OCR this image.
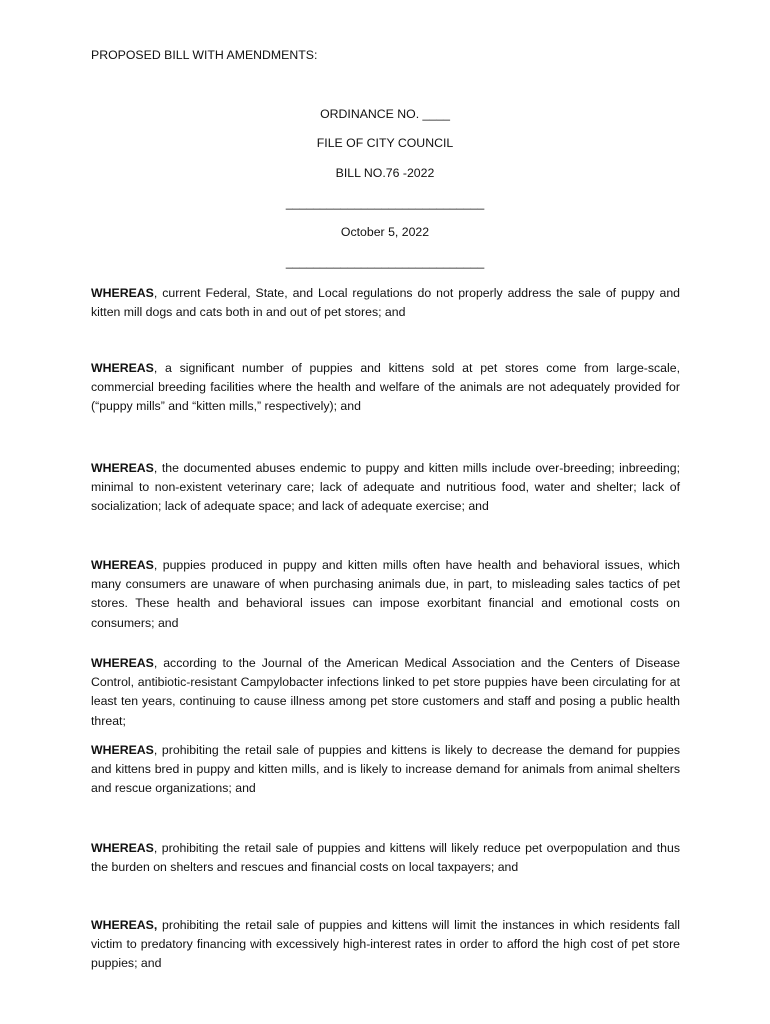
PROPOSED BILL WITH AMENDMENTS:
ORDINANCE NO. ____
FILE OF CITY COUNCIL
BILL NO.76 -2022
_____________________________
October 5, 2022
_____________________________
WHEREAS, current Federal, State, and Local regulations do not properly address the sale of puppy and kitten mill dogs and cats both in and out of pet stores; and
WHEREAS, a significant number of puppies and kittens sold at pet stores come from large-scale, commercial breeding facilities where the health and welfare of the animals are not adequately provided for (“puppy mills” and “kitten mills,” respectively); and
WHEREAS, the documented abuses endemic to puppy and kitten mills include over-breeding; inbreeding; minimal to non-existent veterinary care; lack of adequate and nutritious food, water and shelter; lack of socialization; lack of adequate space; and lack of adequate exercise; and
WHEREAS, puppies produced in puppy and kitten mills often have health and behavioral issues, which many consumers are unaware of when purchasing animals due, in part, to misleading sales tactics of pet stores. These health and behavioral issues can impose exorbitant financial and emotional costs on consumers; and
WHEREAS, according to the Journal of the American Medical Association and the Centers of Disease Control, antibiotic-resistant Campylobacter infections linked to pet store puppies have been circulating for at least ten years, continuing to cause illness among pet store customers and staff and posing a public health threat;
WHEREAS, prohibiting the retail sale of puppies and kittens is likely to decrease the demand for puppies and kittens bred in puppy and kitten mills, and is likely to increase demand for animals from animal shelters and rescue organizations; and
WHEREAS, prohibiting the retail sale of puppies and kittens will likely reduce pet overpopulation and thus the burden on shelters and rescues and financial costs on local taxpayers; and
WHEREAS, prohibiting the retail sale of puppies and kittens will limit the instances in which residents fall victim to predatory financing with excessively high-interest rates in order to afford the high cost of pet store puppies; and
